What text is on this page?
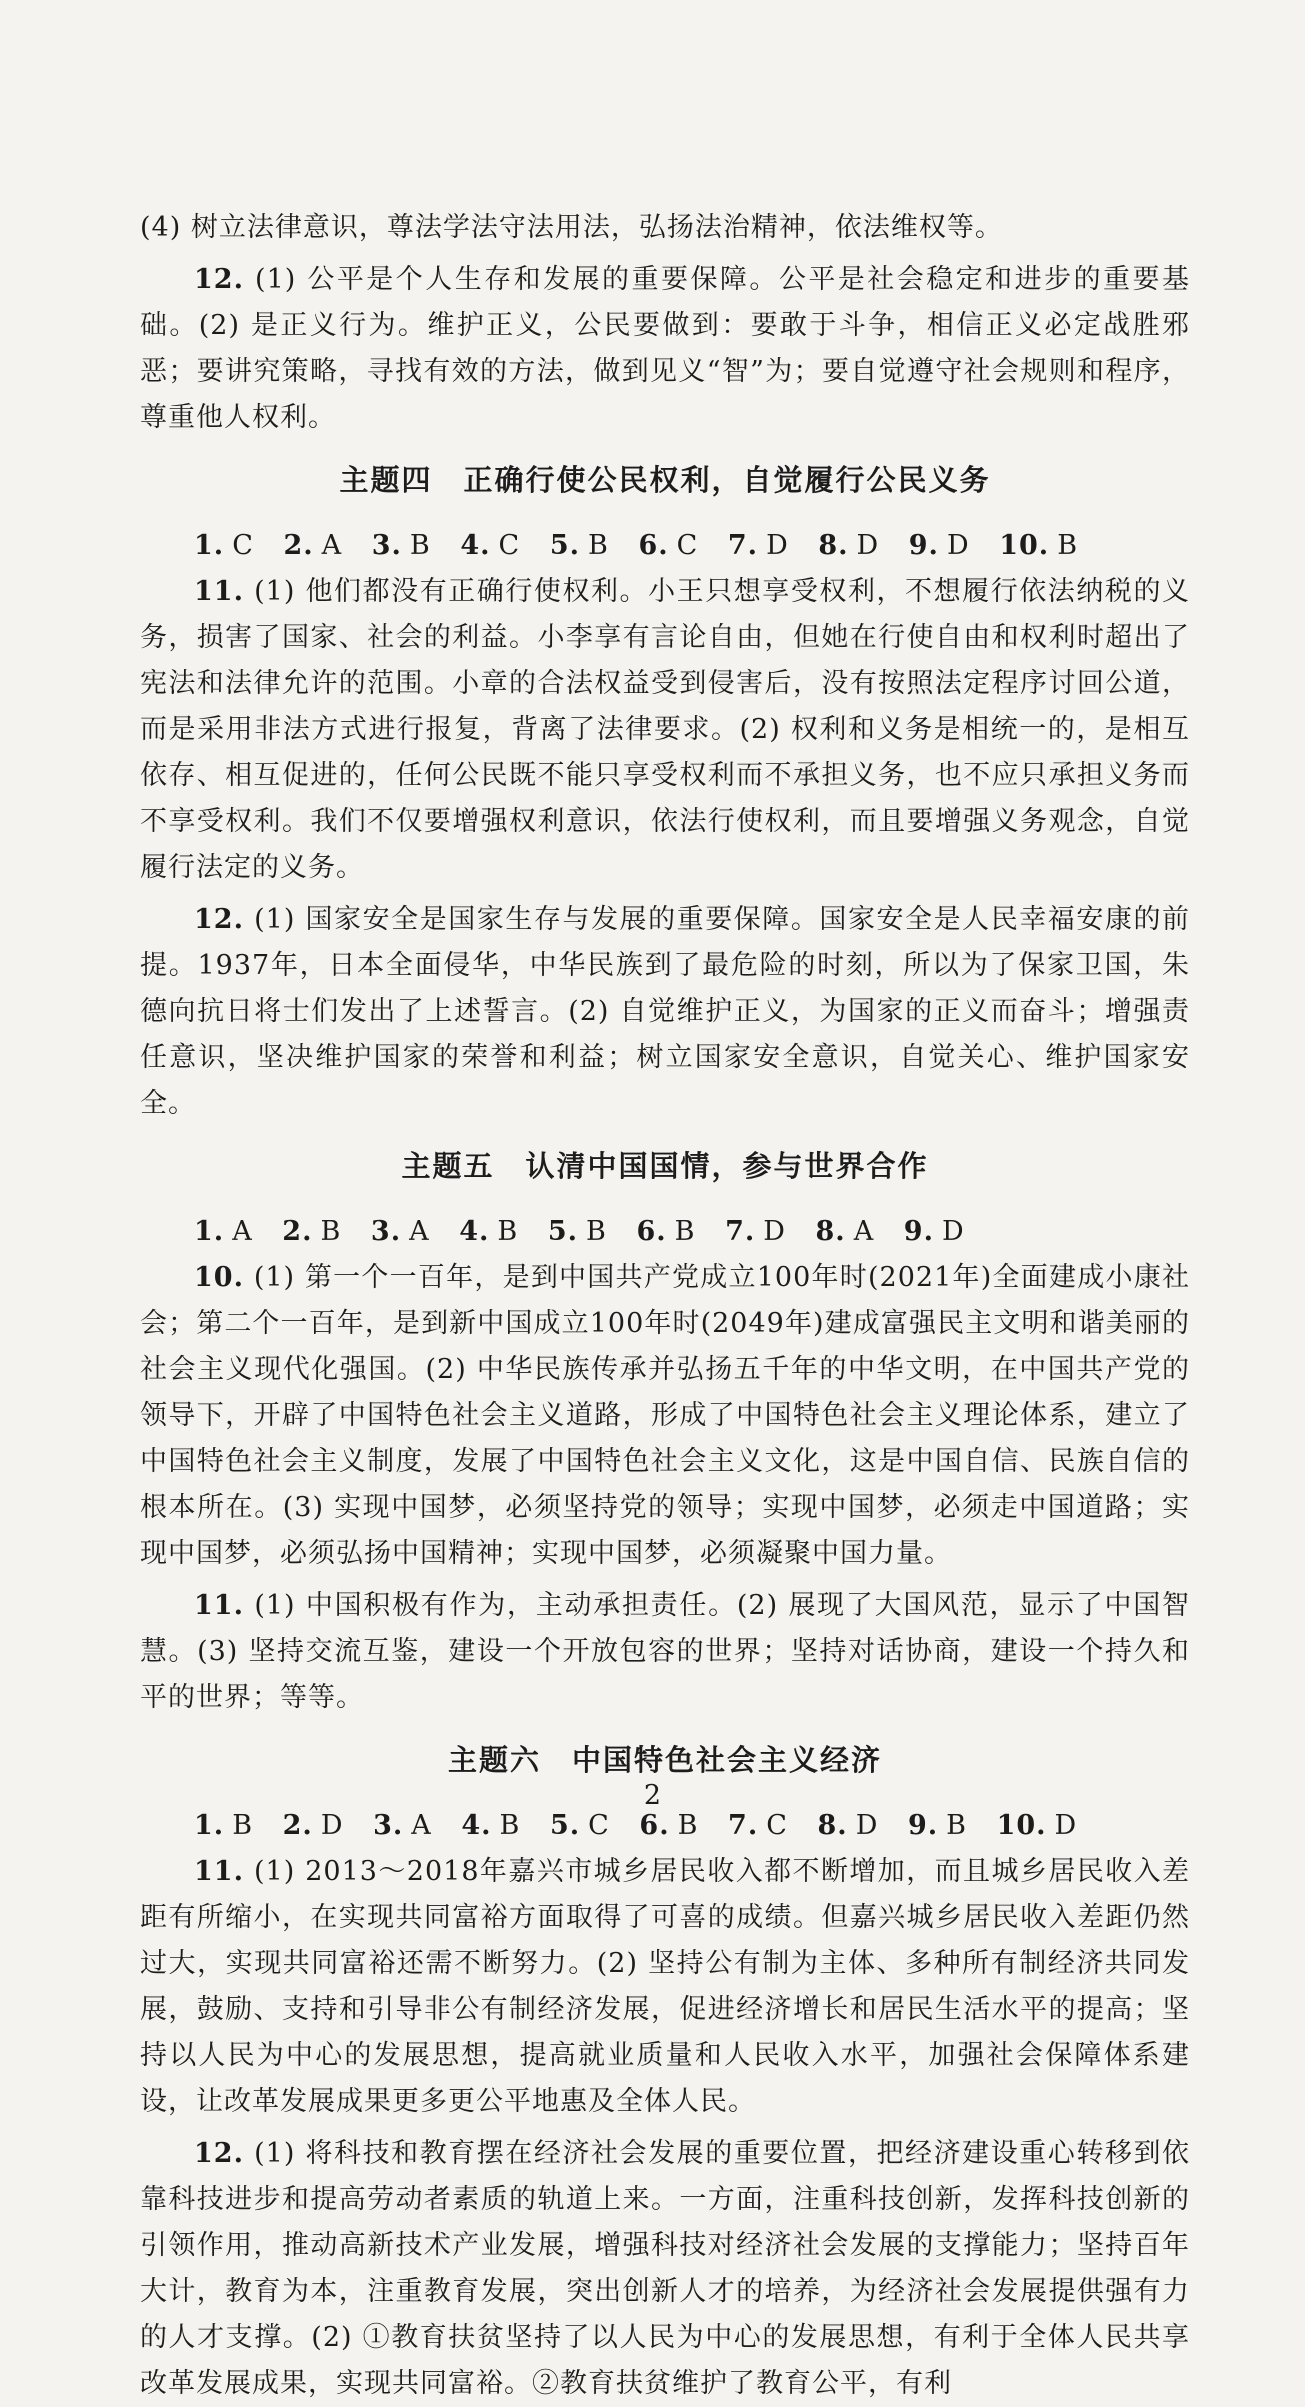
(4) 树立法律意识，尊法学法守法用法，弘扬法治精神，依法维权等。

12. (1) 公平是个人生存和发展的重要保障。公平是社会稳定和进步的重要基础。(2) 是正义行为。维护正义，公民要做到：要敢于斗争，相信正义必定战胜邪恶；要讲究策略，寻找有效的方法，做到见义“智”为；要自觉遵守社会规则和程序，尊重他人权利。

主题四　正确行使公民权利，自觉履行公民义务

1. C 2. A 3. B 4. C 5. B 6. C 7. D 8. D 9. D 10. B

11. (1) 他们都没有正确行使权利。小王只想享受权利，不想履行依法纳税的义务，损害了国家、社会的利益。小李享有言论自由，但她在行使自由和权利时超出了宪法和法律允许的范围。小章的合法权益受到侵害后，没有按照法定程序讨回公道，而是采用非法方式进行报复，背离了法律要求。(2) 权利和义务是相统一的，是相互依存、相互促进的，任何公民既不能只享受权利而不承担义务，也不应只承担义务而不享受权利。我们不仅要增强权利意识，依法行使权利，而且要增强义务观念，自觉履行法定的义务。

12. (1) 国家安全是国家生存与发展的重要保障。国家安全是人民幸福安康的前提。1937年，日本全面侵华，中华民族到了最危险的时刻，所以为了保家卫国，朱德向抗日将士们发出了上述誓言。(2) 自觉维护正义，为国家的正义而奋斗；增强责任意识，坚决维护国家的荣誉和利益；树立国家安全意识，自觉关心、维护国家安全。

主题五　认清中国国情，参与世界合作

1. A 2. B 3. A 4. B 5. B 6. B 7. D 8. A 9. D

10. (1) 第一个一百年，是到中国共产党成立100年时(2021年)全面建成小康社会；第二个一百年，是到新中国成立100年时(2049年)建成富强民主文明和谐美丽的社会主义现代化强国。(2) 中华民族传承并弘扬五千年的中华文明，在中国共产党的领导下，开辟了中国特色社会主义道路，形成了中国特色社会主义理论体系，建立了中国特色社会主义制度，发展了中国特色社会主义文化，这是中国自信、民族自信的根本所在。(3) 实现中国梦，必须坚持党的领导；实现中国梦，必须走中国道路；实现中国梦，必须弘扬中国精神；实现中国梦，必须凝聚中国力量。

11. (1) 中国积极有作为，主动承担责任。(2) 展现了大国风范，显示了中国智慧。(3) 坚持交流互鉴，建设一个开放包容的世界；坚持对话协商，建设一个持久和平的世界；等等。

主题六　中国特色社会主义经济

1. B 2. D 3. A 4. B 5. C 6. B 7. C 8. D 9. B 10. D

11. (1) 2013～2018年嘉兴市城乡居民收入都不断增加，而且城乡居民收入差距有所缩小，在实现共同富裕方面取得了可喜的成绩。但嘉兴城乡居民收入差距仍然过大，实现共同富裕还需不断努力。(2) 坚持公有制为主体、多种所有制经济共同发展，鼓励、支持和引导非公有制经济发展，促进经济增长和居民生活水平的提高；坚持以人民为中心的发展思想，提高就业质量和人民收入水平，加强社会保障体系建设，让改革发展成果更多更公平地惠及全体人民。

12. (1) 将科技和教育摆在经济社会发展的重要位置，把经济建设重心转移到依靠科技进步和提高劳动者素质的轨道上来。一方面，注重科技创新，发挥科技创新的引领作用，推动高新技术产业发展，增强科技对经济社会发展的支撑能力；坚持百年大计，教育为本，注重教育发展，突出创新人才的培养，为经济社会发展提供强有力的人才支撑。(2) ①教育扶贫坚持了以人民为中心的发展思想，有利于全体人民共享改革发展成果，实现共同富裕。②教育扶贫维护了教育公平，有利

2
